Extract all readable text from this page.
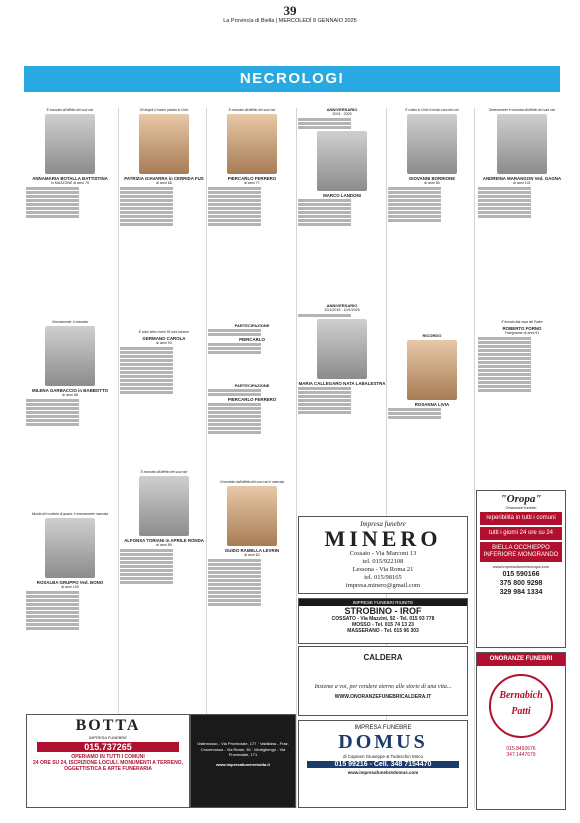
39
La Provincia di Biella | MERCOLEDÌ 8 GENNAIO 2025
NECROLOGI
È mancato all'affetto dei suoi cari
ANNAMARIA BOTALLA BATTISTINA
in MAZZONE di anni 75
Serenamente, è mancata
MILENA GARBACCIO in BABBOTTO
di anni 88
Munita del conforto di grazia, è serenamente mancata
ROSALBA GRUPPO Ved. BONO
di anni 100
Gli Angeli ci hanno portato in Cielo
PATRIZIA GIAVARRA in CERRIDA FUS
di anni 68
È stato bello vivere 93 anni insieme
GERMANO CAROLA
di anni 93
È mancato all'affetto dei suoi cari
ALFONSA TORIANI in APRILE RONDA
di anni 89
È mancato all'affetto dei suoi cari
PIERCARLO FERRERO
di anni 77
PARTECIPAZIONE
PIERCARLO
PARTECIPAZIONE
PIERCARLO FERRERO
Circondato dall'affetto dei suoi cari è mancato
GUIDO RAMELLA LEVRIN
di anni 62
ANNIVERSARIO
2024 - 2025
MARCO LANDONI
ANNIVERSARIO
10/1/2015 - 10/1/2025
MARIA CALLEGARO NATA LABALESTRA
È volato in Cielo il nostro caro dei cari
GIOVANNI BORRIONE
di anni 80
RICORDO
ROSANNA LIVIA
Serenamente è mancata all'affetto dei suoi cari
ANDREINA MARANGON Ved. GAGNA
di anni 101
È tornato alla casa del Padre
ROBERTO FORNO
Falegname di anni 91
Impresa funebre
MINERO
Cossato - Via Marconi 13
tel. 015/922108
Lessona - Via Roma 21
tel. 015/98165
impresa.minero@gmail.com
IMPRESE FUNEBRI RIUNITE
STROBINO - IROF
COSSATO - Via Mazzini, 92 - Tel. 015 93 778
MOSSO - Tel. 015 74 13 23
MASSERANO - Tel. 015 96 303
CALDERA
Insieme a voi, per rendere eterno alle storie di una vita...
WWW.ONORANZEFUNEBRICALDERA.IT
"Oropa"
Onoranze funebri
reperibilità in tutti i comuni
tutti i giorni 24 ore su 24
BIELLA OCCHIEPPO INFERIORE MONGRANDO
www.impresafunebreoropa.com
015 590166
375 800 9298
329 984 1334
ONORANZE FUNEBRI
Bernabich Patti
015.8492676
347.1447679
BOTTA
IMPRESA FUNEBRE
015.737265
OPERIAMO IN TUTTI I COMUNI
24 ORE SU 24, ISCRIZIONE LOCULI, MONUMENTI A TERRENO, OGGETTISTICA E ARTE FUNERARIA
Vallemosso - Via Provinciale, 177 · Valdilana - Fraz. Crocemosso - Via Reale, 30 · Mortigliengo - Via Provinciale, 171
www.impresafunebrebotta.it
IMPRESA FUNEBRE
DOMUS
di Capineri Giuseppe & Todeschin Mirco
015 99216 - Cell. 348 7154470
www.impresafunebredomus.com
